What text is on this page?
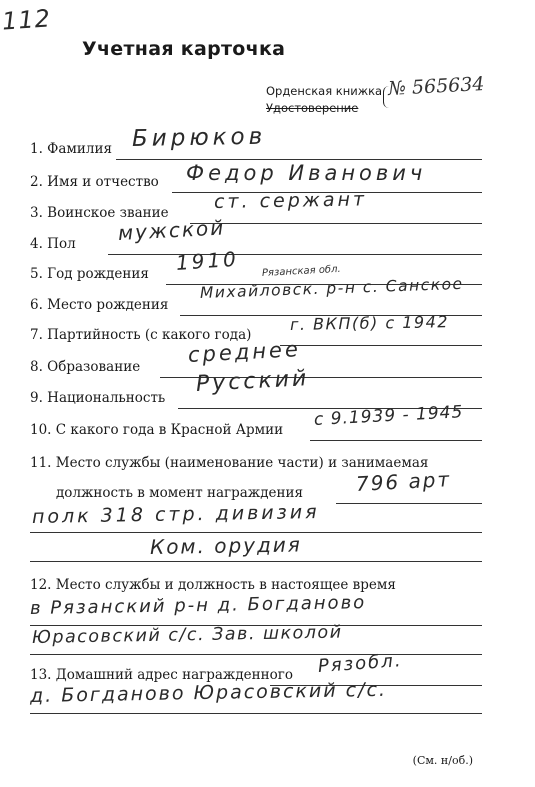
112
Учетная карточка
Орденская книжка
Удостоверение
№ 565634
1. Фамилия Бирюков
2. Имя и отчество Федор Иванович
3. Воинское звание
ст. сержант
4. Пол мужской
5. Год рождения 1910
6. Место рождения
Рязанская обл.
Михайловск. р-н с. Санское
7. Партийность (с какого года)
г. ВКП(б) с 1942
8. Образование
среднее
9. Национальность
Русский
10. С какого года в Красной Армии
с 9.1939 - 1945
11. Место службы (наименование части) и занимаемая
должность в момент награждения	796 арт
полк 318 стр. дивизия
Ком. орудия
12. Место службы и должность в настоящее время
в Рязанский р-н д. Богданово
Юрасовский с/с. Зав. школой
13. Домашний адрес награжденного Рязобл.
д. Богданово Юрасовский с/с.
(См. н/об.)
